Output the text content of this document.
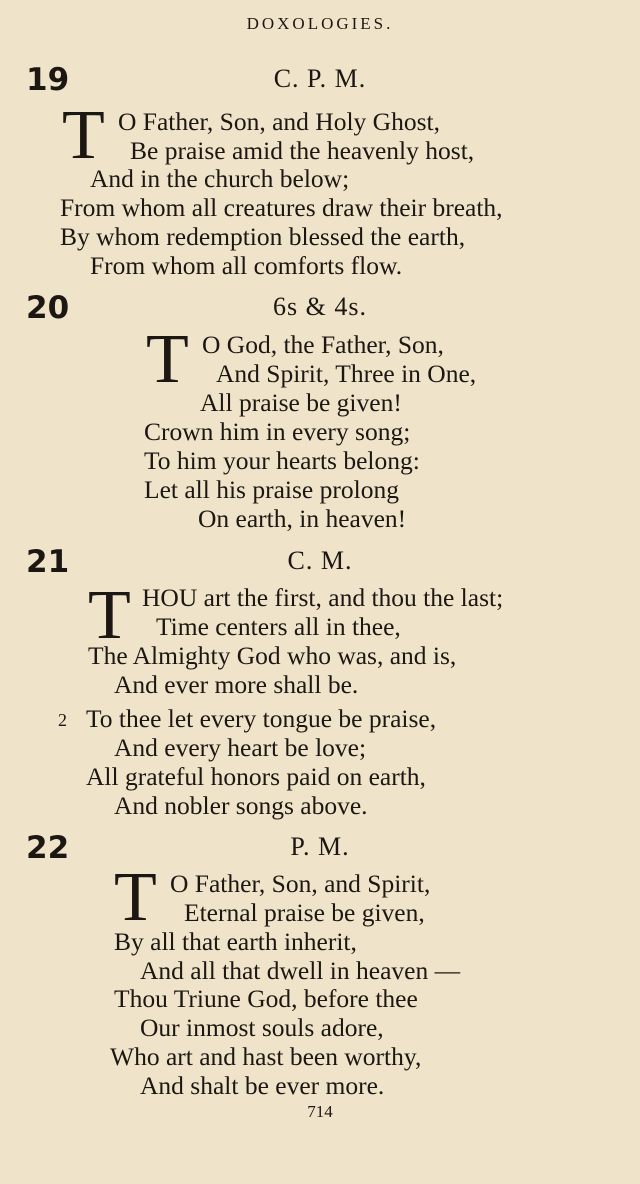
DOXOLOGIES.
19	C. P. M.
T O Father, Son, and Holy Ghost,
Be praise amid the heavenly host,
And in the church below;
From whom all creatures draw their breath,
By whom redemption blessed the earth,
From whom all comforts flow.
20	6s & 4s.
T O God, the Father, Son,
And Spirit, Three in One,
All praise be given!
Crown him in every song;
To him your hearts belong:
Let all his praise prolong
On earth, in heaven!
21	C. M.
T HOU art the first, and thou the last;
Time centers all in thee,
The Almighty God who was, and is,
And ever more shall be.
2 To thee let every tongue be praise,
And every heart be love;
All grateful honors paid on earth,
And nobler songs above.
22	P. M.
T O Father, Son, and Spirit,
Eternal praise be given,
By all that earth inherit,
And all that dwell in heaven —
Thou Triune God, before thee
Our inmost souls adore,
Who art and hast been worthy,
And shalt be ever more.
714
